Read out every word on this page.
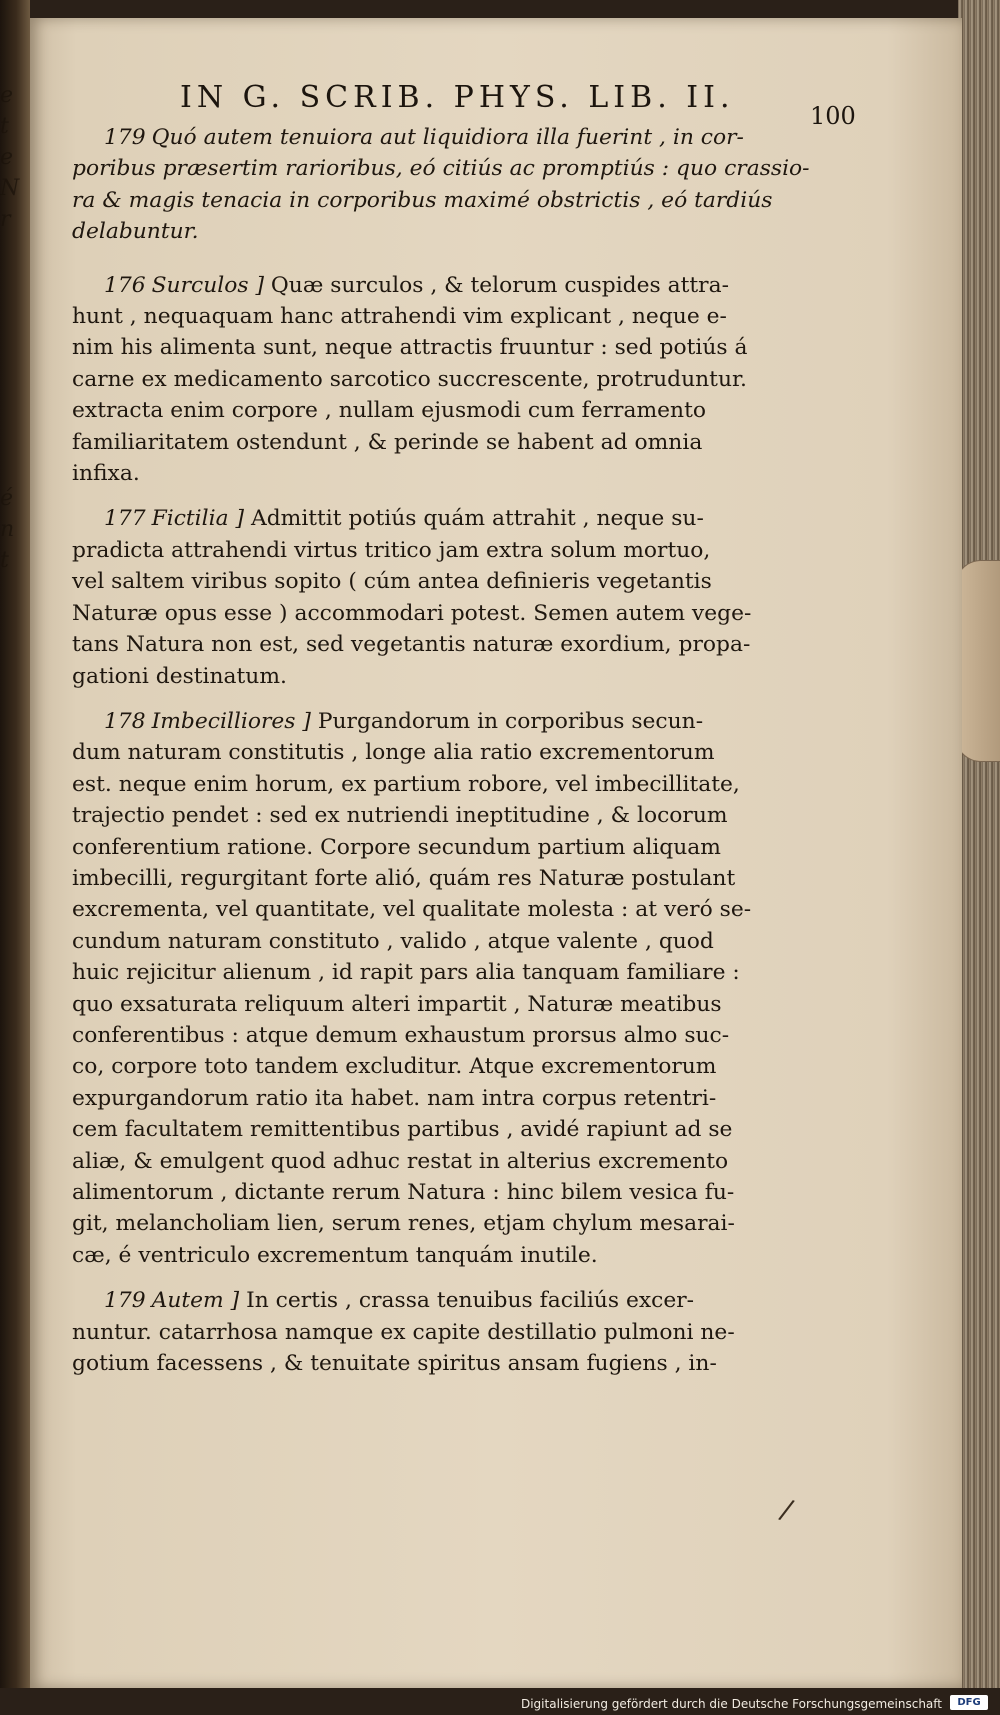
e
t
e
N
r

é
n
t
IN G. SCRIB. PHYS. LIB. II.
100

179 Quó autem tenuiora aut liquidiora illa fuerint , in cor-
poribus præsertim rarioribus, eó citiús ac promptiús : quo crassio-
ra & magis tenacia in corporibus maximé obstrictis , eó tardiús
delabuntur.

176 Surculos ] Quæ surculos , & telorum cuspides attra-
hunt , nequaquam hanc attrahendi vim explicant , neque e-
nim his alimenta sunt, neque attractis fruuntur : sed potiús á
carne ex medicamento sarcotico succrescente, protruduntur.
extracta enim corpore , nullam ejusmodi cum ferramento
familiaritatem ostendunt , & perinde se habent ad omnia
infixa.

177 Fictilia ] Admittit potiús quám attrahit , neque su-
pradicta attrahendi virtus tritico jam extra solum mortuo,
vel saltem viribus sopito ( cúm antea definieris vegetantis
Naturæ opus esse ) accommodari potest. Semen autem vege-
tans Natura non est, sed vegetantis naturæ exordium, propa-
gationi destinatum.

178 Imbecilliores ] Purgandorum in corporibus secun-
dum naturam constitutis , longe alia ratio excrementorum
est. neque enim horum, ex partium robore, vel imbecillitate,
trajectio pendet : sed ex nutriendi ineptitudine , & locorum
conferentium ratione. Corpore secundum partium aliquam
imbecilli, regurgitant forte alió, quám res Naturæ postulant
excrementa, vel quantitate, vel qualitate molesta : at veró se-
cundum naturam constituto , valido , atque valente , quod
huic rejicitur alienum , id rapit pars alia tanquam familiare :
quo exsaturata reliquum alteri impartit , Naturæ meatibus
conferentibus : atque demum exhaustum prorsus almo suc-
co, corpore toto tandem excluditur. Atque excrementorum
expurgandorum ratio ita habet. nam intra corpus retentri-
cem facultatem remittentibus partibus , avidé rapiunt ad se
aliæ, & emulgent quod adhuc restat in alterius excremento
alimentorum , dictante rerum Natura : hinc bilem vesica fu-
git, melancholiam lien, serum renes, etjam chylum mesarai-
cæ, é ventriculo excrementum tanquám inutile.

179 Autem ] In certis , crassa tenuibus faciliús excer-
nuntur. catarrhosa namque ex capite destillatio pulmoni ne-
gotium facessens , & tenuitate spiritus ansam fugiens , in-

/
Digitalisierung gefördert durch die Deutsche Forschungsgemeinschaft	DFG
